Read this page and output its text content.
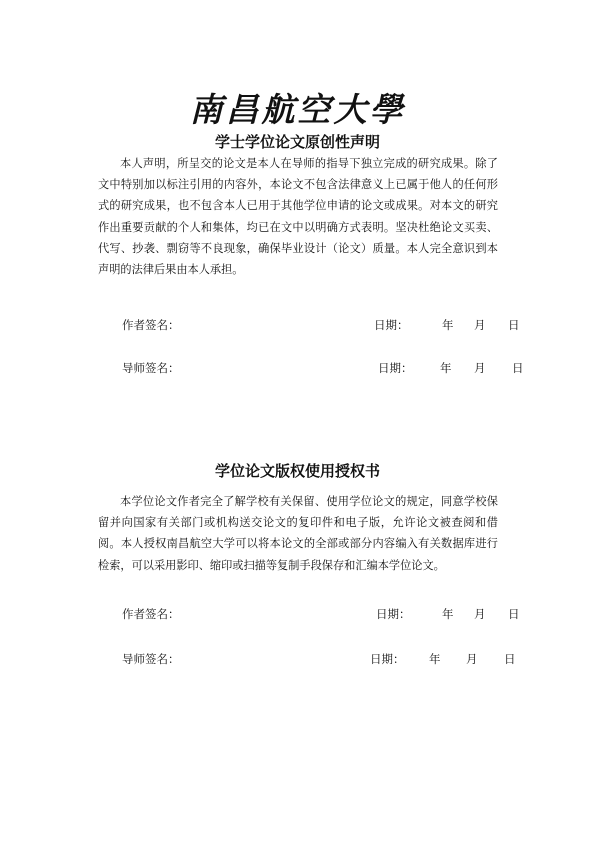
南昌航空大學
学士学位论文原创性声明

本人声明，所呈交的论文是本人在导师的指导下独立完成的研究成果。除了文中特别加以标注引用的内容外，本论文不包含法律意义上已属于他人的任何形式的研究成果，也不包含本人已用于其他学位申请的论文或成果。对本文的研究作出重要贡献的个人和集体，均已在文中以明确方式表明。坚决杜绝论文买卖、代写、抄袭、剽窃等不良现象，确保毕业设计（论文）质量。本人完全意识到本声明的法律后果由本人承担。

作者签名：	日期：	年 月 日
导师签名：	日期： 年 月 日
学位论文版权使用授权书

本学位论文作者完全了解学校有关保留、使用学位论文的规定，同意学校保留并向国家有关部门或机构送交论文的复印件和电子版，允许论文被查阅和借阅。本人授权南昌航空大学可以将本论文的全部或部分内容编入有关数据库进行检索，可以采用影印、缩印或扫描等复制手段保存和汇编本学位论文。

作者签名：	日期：	年 月 日
导师签名：	日期： 年 月 日
